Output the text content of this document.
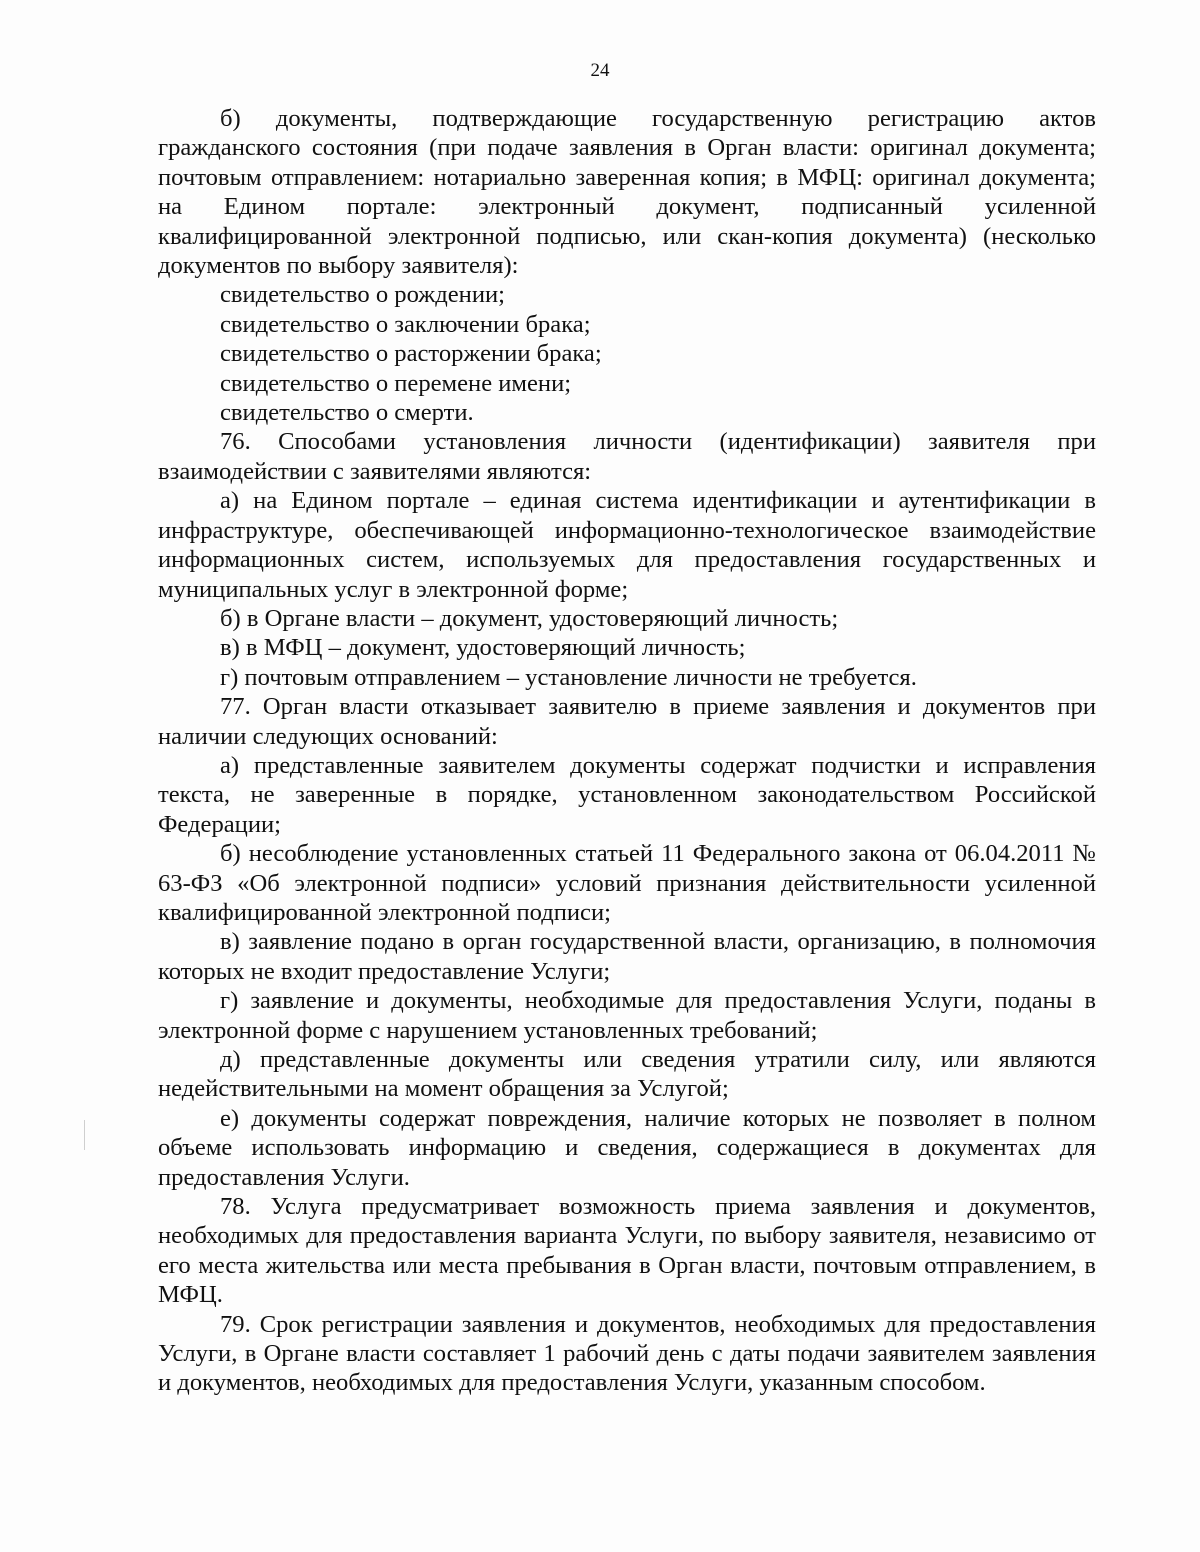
24

б) документы, подтверждающие государственную регистрацию актов гражданского состояния (при подаче заявления в Орган власти: оригинал документа; почтовым отправлением: нотариально заверенная копия; в МФЦ: оригинал документа; на Едином портале: электронный документ, подписанный усиленной квалифицированной электронной подписью, или скан-копия документа) (несколько документов по выбору заявителя):

свидетельство о рождении;

свидетельство о заключении брака;

свидетельство о расторжении брака;

свидетельство о перемене имени;

свидетельство о смерти.

76. Способами установления личности (идентификации) заявителя при взаимодействии с заявителями являются:

а) на Едином портале – единая система идентификации и аутентификации в инфраструктуре, обеспечивающей информационно-технологическое взаимодействие информационных систем, используемых для предоставления государственных и муниципальных услуг в электронной форме;

б) в Органе власти – документ, удостоверяющий личность;

в) в МФЦ – документ, удостоверяющий личность;

г) почтовым отправлением – установление личности не требуется.

77. Орган власти отказывает заявителю в приеме заявления и документов при наличии следующих оснований:

а) представленные заявителем документы содержат подчистки и исправления текста, не заверенные в порядке, установленном законодательством Российской Федерации;

б) несоблюдение установленных статьей 11 Федерального закона от 06.04.2011 № 63-ФЗ «Об электронной подписи» условий признания действительности усиленной квалифицированной электронной подписи;

в) заявление подано в орган государственной власти, организацию, в полномочия которых не входит предоставление Услуги;

г) заявление и документы, необходимые для предоставления Услуги, поданы в электронной форме с нарушением установленных требований;

д) представленные документы или сведения утратили силу, или являются недействительными на момент обращения за Услугой;

е) документы содержат повреждения, наличие которых не позволяет в полном объеме использовать информацию и сведения, содержащиеся в документах для предоставления Услуги.

78. Услуга предусматривает возможность приема заявления и документов, необходимых для предоставления варианта Услуги, по выбору заявителя, независимо от его места жительства или места пребывания в Орган власти, почтовым отправлением, в МФЦ.

79. Срок регистрации заявления и документов, необходимых для предоставления Услуги, в Органе власти составляет 1 рабочий день с даты подачи заявителем заявления и документов, необходимых для предоставления Услуги, указанным способом.
